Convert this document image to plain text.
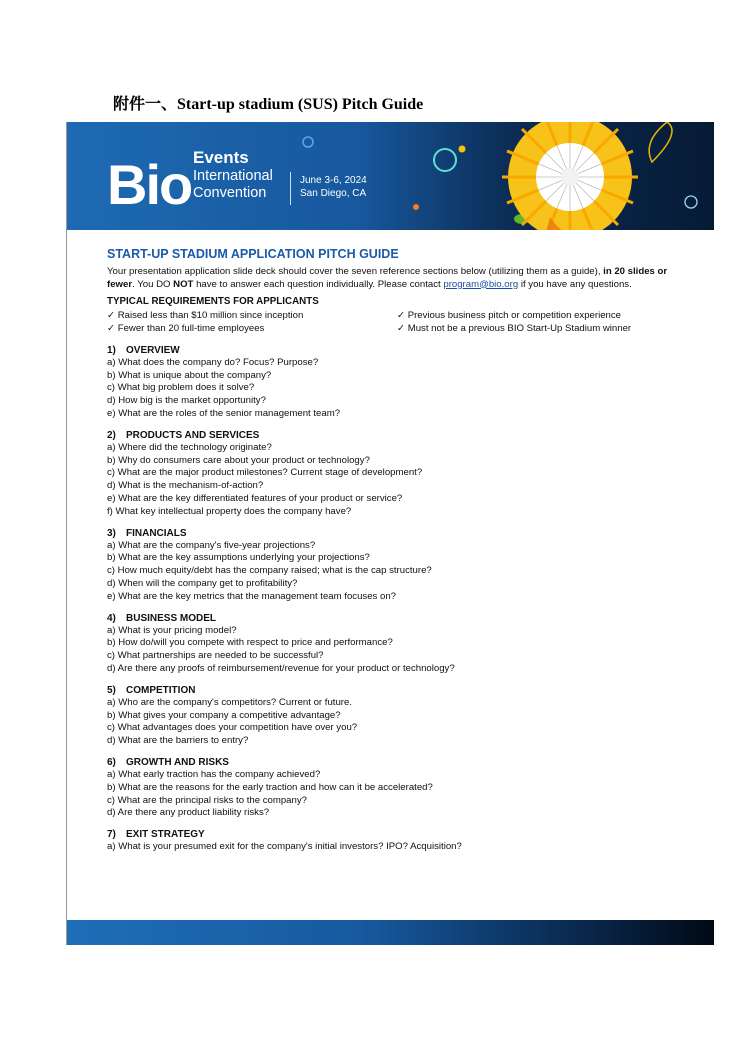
附件一、Start-up stadium (SUS) Pitch Guide
Bio Events
International
Convention
June 3-6, 2024
San Diego, CA
START-UP STADIUM APPLICATION PITCH GUIDE

Your presentation application slide deck should cover the seven reference sections below (utilizing them as a guide), in 20 slides or fewer. You DO NOT have to answer each question individually. Please contact program@bio.org if you have any questions.

TYPICAL REQUIREMENTS FOR APPLICANTS
✓ Raised less than $10 million since inception	✓ Previous business pitch or competition experience
✓ Fewer than 20 full-time employees	✓ Must not be a previous BIO Start-Up Stadium winner
1) OVERVIEW
a) What does the company do? Focus? Purpose?
b) What is unique about the company?
c) What big problem does it solve?
d) How big is the market opportunity?
e) What are the roles of the senior management team?
2) PRODUCTS AND SERVICES
a) Where did the technology originate?
b) Why do consumers care about your product or technology?
c) What are the major product milestones? Current stage of development?
d) What is the mechanism-of-action?
e) What are the key differentiated features of your product or service?
f) What key intellectual property does the company have?
3) FINANCIALS
a) What are the company's five-year projections?
b) What are the key assumptions underlying your projections?
c) How much equity/debt has the company raised; what is the cap structure?
d) When will the company get to profitability?
e) What are the key metrics that the management team focuses on?
4) BUSINESS MODEL
a) What is your pricing model?
b) How do/will you compete with respect to price and performance?
c) What partnerships are needed to be successful?
d) Are there any proofs of reimbursement/revenue for your product or technology?
5) COMPETITION
a) Who are the company's competitors? Current or future.
b) What gives your company a competitive advantage?
c) What advantages does your competition have over you?
d) What are the barriers to entry?
6) GROWTH AND RISKS
a) What early traction has the company achieved?
b) What are the reasons for the early traction and how can it be accelerated?
c) What are the principal risks to the company?
d) Are there any product liability risks?
7) EXIT STRATEGY
a) What is your presumed exit for the company's initial investors? IPO? Acquisition?
